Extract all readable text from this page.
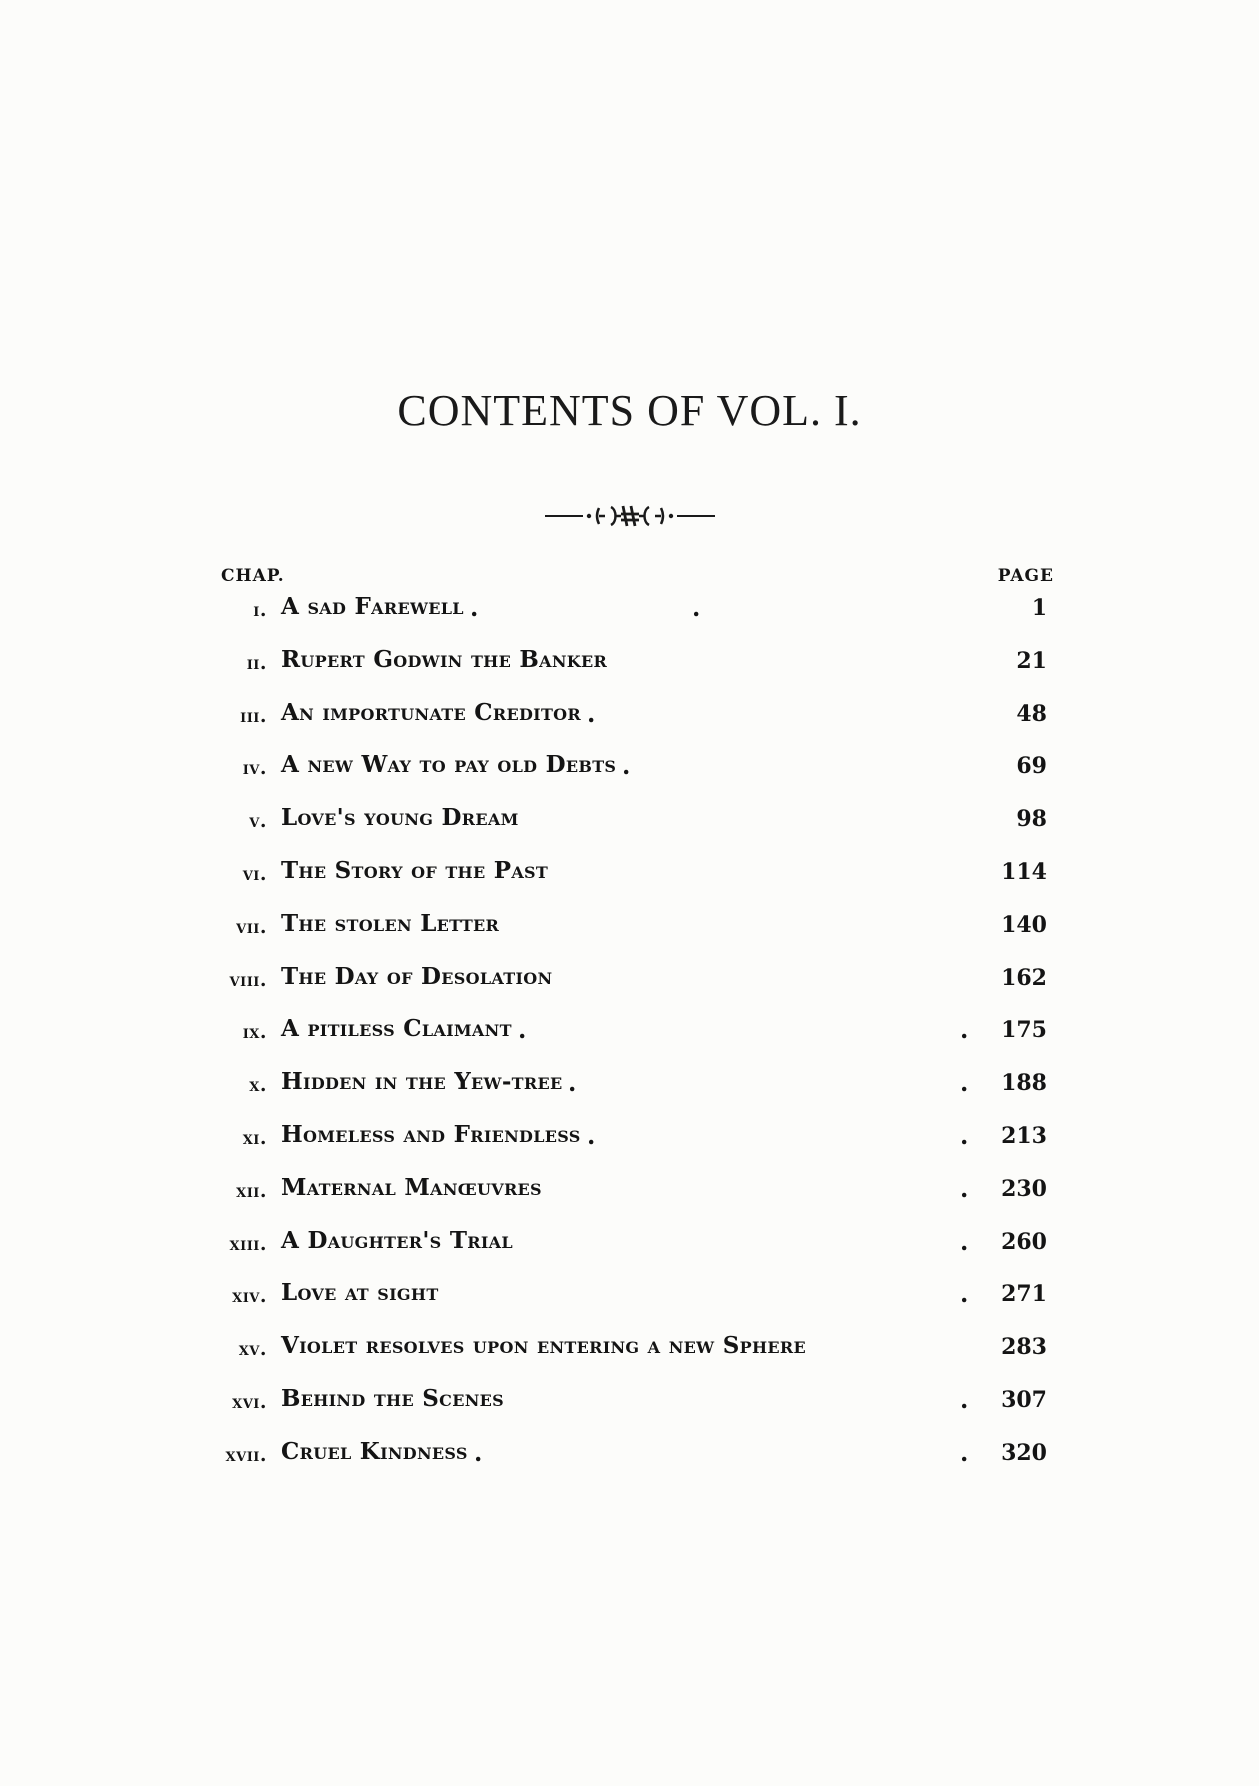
CONTENTS OF VOL. I.
CHAP.	PAGE
i. A sad Farewell .	.	1
ii. Rupert Godwin the Banker	21
iii. An importunate Creditor .	48
iv. A new Way to pay old Debts .	69
v. Love's young Dream	98
vi. The Story of the Past	114
vii. The stolen Letter	140
viii. The Day of Desolation	162
ix. A pitiless Claimant .	.	175
x. Hidden in the Yew-tree .	.	188
xi. Homeless and Friendless .	.	213
xii. Maternal Manœuvres	.	230
xiii. A Daughter's Trial	.	260
xiv. Love at sight	.	271
xv. Violet resolves upon entering a new Sphere	283
xvi. Behind the Scenes	.	307
xvii. Cruel Kindness .	.	320
